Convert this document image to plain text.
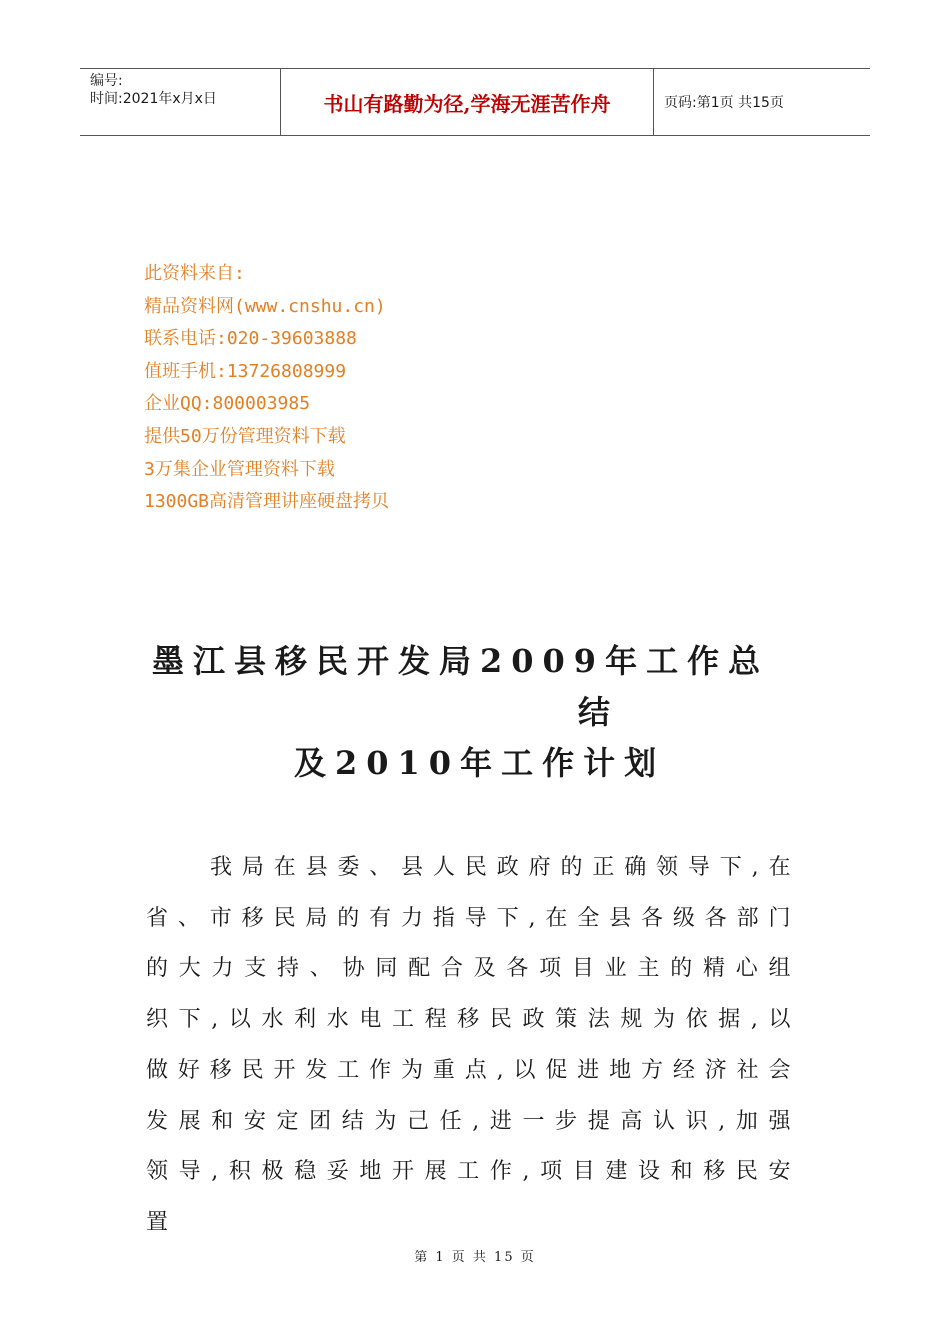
编号:
时间:2021年x月x日	书山有路勤为径,学海无涯苦作舟	页码:第1页 共15页
此资料来自:
精品资料网(www.cnshu.cn)
联系电话:020-39603888
值班手机:13726808999
企业QQ:800003985
提供50万份管理资料下载
3万集企业管理资料下载
1300GB高清管理讲座硬盘拷贝
墨江县移民开发局2009年工作总
结
及2010年工作计划
我局在县委、县人民政府的正确领导下,在省、市移民局的有力指导下,在全县各级各部门的大力支持、协同配合及各项目业主的精心组织下,以水利水电工程移民政策法规为依据,以做好移民开发工作为重点,以促进地方经济社会发展和安定团结为己任,进一步提高认识,加强领导,积极稳妥地开展工作,项目建设和移民安置
第 1 页 共 15 页
